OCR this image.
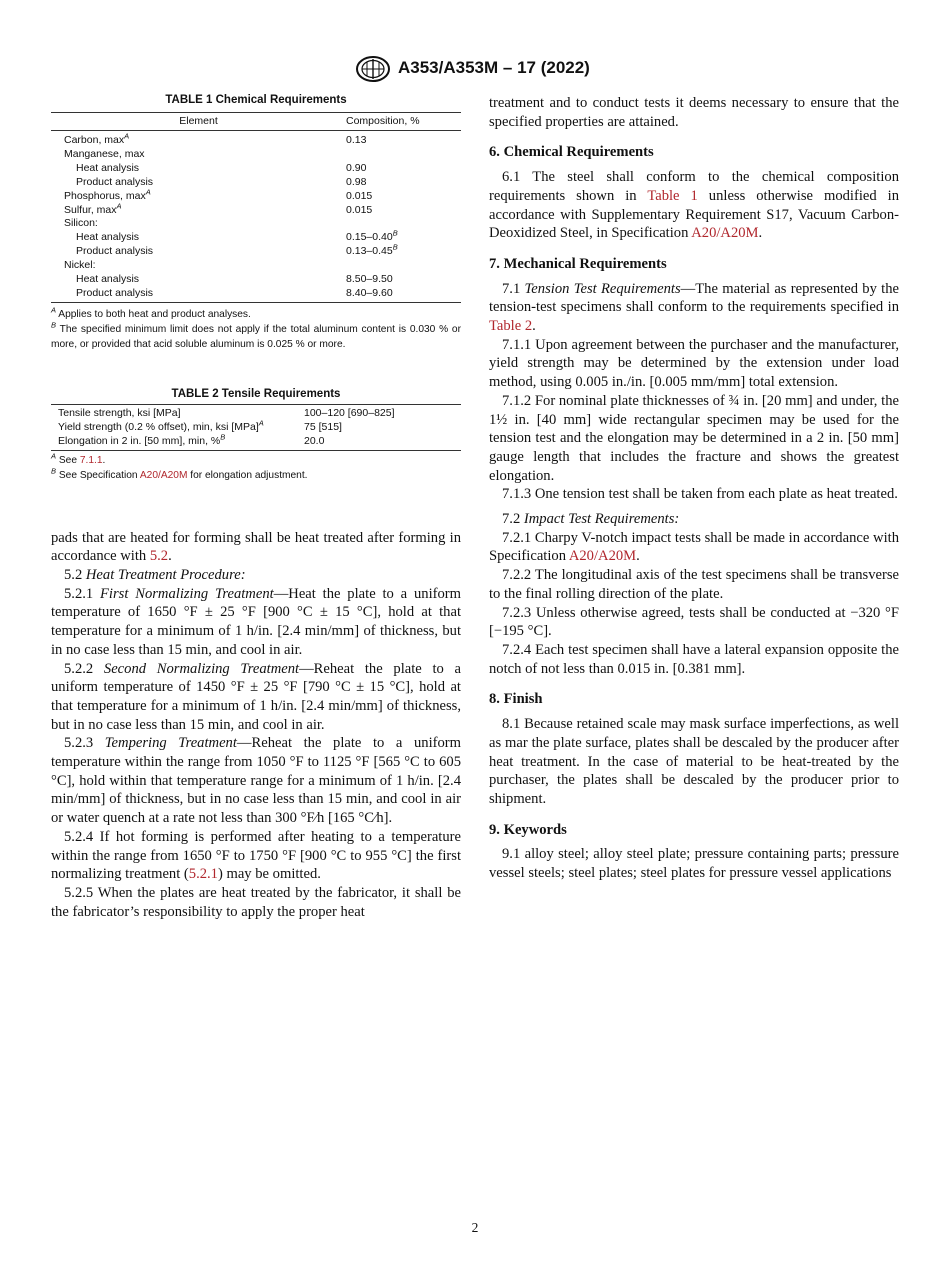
A353/A353M – 17 (2022)
TABLE 1 Chemical Requirements
Element	Composition, %
Carbon, $\max^A$	0.13
Manganese, max	
Heat analysis	0.90
Product analysis	0.98
Phosphorus, $\max^A$	0.015
Sulfur, $\max^A$	0.015
Silicon:	
Heat analysis	$0.15-0.40^B$
Product analysis	$0.13-0.45^B$
Nickel:	
Heat analysis	8.50–9.50
Product analysis	8.40–9.60
$^A$ Applies to both heat and product analyses.
$^B$ The specified minimum limit does not apply if the total aluminum content is 0.030 % or more, or provided that acid soluble aluminum is 0.025 % or more.
TABLE 2 Tensile Requirements
Tensile strength, ksi [MPa]	100–120 [690–825]
Yield strength (0.2 % offset), min, ksi [MPa]$^A$	75 [515]
Elongation in 2 in. [50 mm], min, %$^B$	20.0
$^A$ See 7.1.1.
$^B$ See Specification A20/A20M for elongation adjustment.

pads that are heated for forming shall be heat treated after forming in accordance with 5.2.

5.2 Heat Treatment Procedure:

5.2.1 First Normalizing Treatment—Heat the plate to a uniform temperature of 1650 °F ± 25 °F [900 °C ± 15 °C], hold at that temperature for a minimum of 1 h/in. [2.4 min/mm] of thickness, but in no case less than 15 min, and cool in air.

5.2.2 Second Normalizing Treatment—Reheat the plate to a uniform temperature of 1450 °F ± 25 °F [790 °C ± 15 °C], hold at that temperature for a minimum of 1 h/in. [2.4 min/mm] of thickness, but in no case less than 15 min, and cool in air.

5.2.3 Tempering Treatment—Reheat the plate to a uniform temperature within the range from 1050 °F to 1125 °F [565 °C to 605 °C], hold within that temperature range for a minimum of 1 h/in. [2.4 min/mm] of thickness, but in no case less than 15 min, and cool in air or water quench at a rate not less than 300 °F⁄h [165 °C⁄h].

5.2.4 If hot forming is performed after heating to a temperature within the range from 1650 °F to 1750 °F [900 °C to 955 °C] the first normalizing treatment (5.2.1) may be omitted.

5.2.5 When the plates are heat treated by the fabricator, it shall be the fabricator’s responsibility to apply the proper heat

treatment and to conduct tests it deems necessary to ensure that the specified properties are attained.

6. Chemical Requirements

6.1 The steel shall conform to the chemical composition requirements shown in Table 1 unless otherwise modified in accordance with Supplementary Requirement S17, Vacuum Carbon-Deoxidized Steel, in Specification A20/A20M.

7. Mechanical Requirements

7.1 Tension Test Requirements—The material as represented by the tension-test specimens shall conform to the requirements specified in Table 2.

7.1.1 Upon agreement between the purchaser and the manufacturer, yield strength may be determined by the extension under load method, using 0.005 in./in. [0.005 mm/mm] total extension.

7.1.2 For nominal plate thicknesses of ¾ in. [20 mm] and under, the 1½ in. [40 mm] wide rectangular specimen may be used for the tension test and the elongation may be determined in a 2 in. [50 mm] gauge length that includes the fracture and shows the greatest elongation.

7.1.3 One tension test shall be taken from each plate as heat treated.

7.2 Impact Test Requirements:

7.2.1 Charpy V-notch impact tests shall be made in accordance with Specification A20/A20M.

7.2.2 The longitudinal axis of the test specimens shall be transverse to the final rolling direction of the plate.

7.2.3 Unless otherwise agreed, tests shall be conducted at −320 °F [−195 °C].

7.2.4 Each test specimen shall have a lateral expansion opposite the notch of not less than 0.015 in. [0.381 mm].

8. Finish

8.1 Because retained scale may mask surface imperfections, as well as mar the plate surface, plates shall be descaled by the producer after heat treatment. In the case of material to be heat-treated by the purchaser, the plates shall be descaled by the producer prior to shipment.

9. Keywords

9.1 alloy steel; alloy steel plate; pressure containing parts; pressure vessel steels; steel plates; steel plates for pressure vessel applications

2
